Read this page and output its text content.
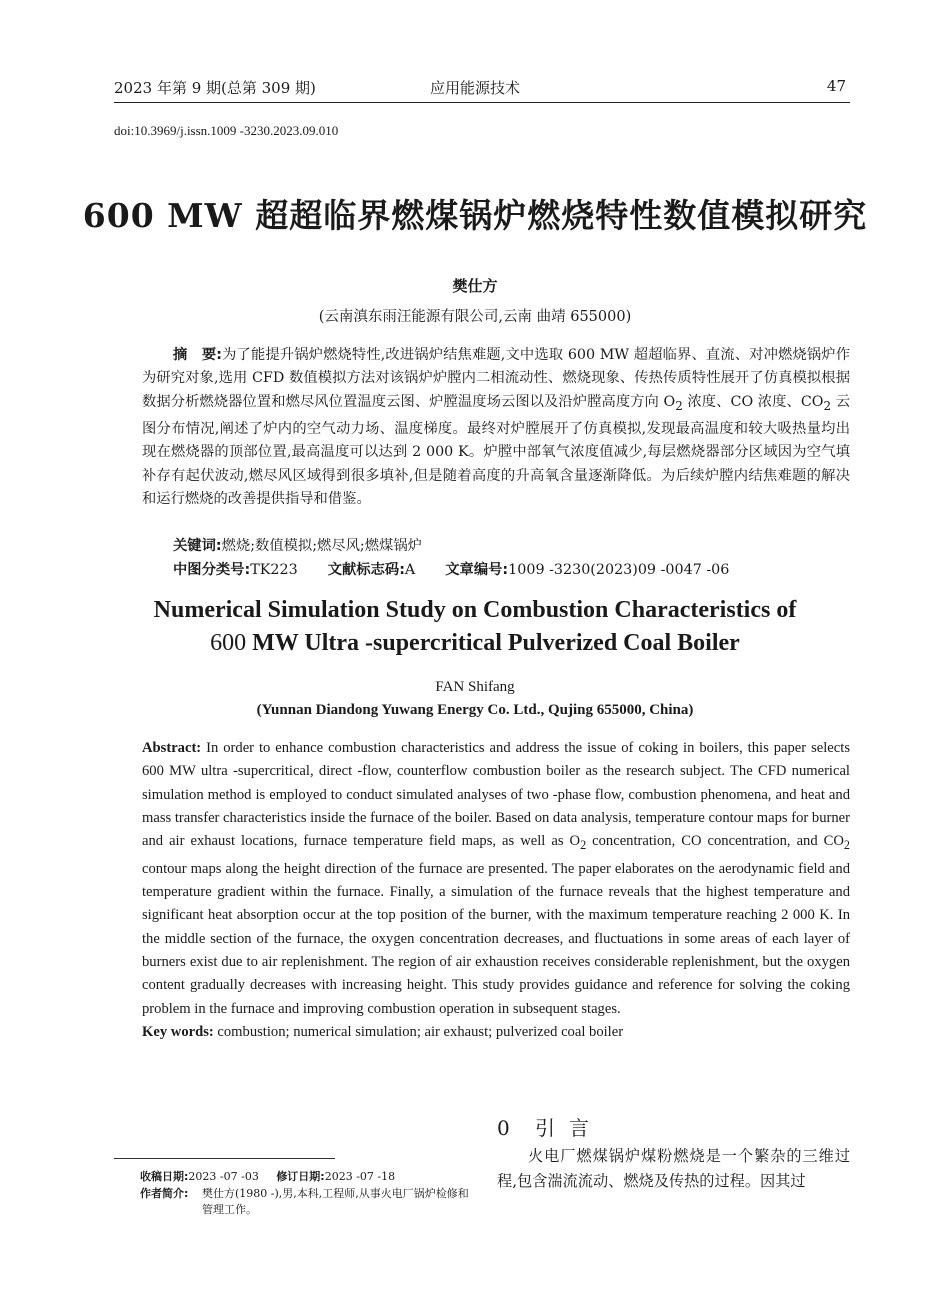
2023 年第 9 期(总第 309 期)	应用能源技术	47
doi:10.3969/j.issn.1009 -3230.2023.09.010
600 MW 超超临界燃煤锅炉燃烧特性数值模拟研究
樊仕方
(云南滇东雨汪能源有限公司,云南 曲靖 655000)

摘　要:为了能提升锅炉燃烧特性,改进锅炉结焦难题,文中选取 600 MW 超超临界、直流、对冲燃烧锅炉作为研究对象,选用 CFD 数值模拟方法对该锅炉炉膛内二相流动性、燃烧现象、传热传质特性展开了仿真模拟根据数据分析燃烧器位置和燃尽风位置温度云图、炉膛温度场云图以及沿炉膛高度方向 $O_2$ 浓度、CO 浓度、$CO_2$ 云图分布情况,阐述了炉内的空气动力场、温度梯度。最终对炉膛展开了仿真模拟,发现最高温度和较大吸热量均出现在燃烧器的顶部位置,最高温度可以达到 2 000 K。炉膛中部氧气浓度值减少,每层燃烧器部分区域因为空气填补存有起伏波动,燃尽风区域得到很多填补,但是随着高度的升高氧含量逐渐降低。为后续炉膛内结焦难题的解决和运行燃烧的改善提供指导和借鉴。

关键词:燃烧;数值模拟;燃尽风;燃煤锅炉
中图分类号:TK223 文献标志码:A 文章编号:1009 -3230(2023)09 -0047 -06
Numerical Simulation Study on Combustion Characteristics of
600 MW Ultra -supercritical Pulverized Coal Boiler
FAN Shifang
(Yunnan Diandong Yuwang Energy Co. Ltd., Qujing 655000, China)

Abstract: In order to enhance combustion characteristics and address the issue of coking in boilers, this paper selects 600 MW ultra -supercritical, direct -flow, counterflow combustion boiler as the research subject. The CFD numerical simulation method is employed to conduct simulated analyses of two -phase flow, combustion phenomena, and heat and mass transfer characteristics inside the furnace of the boiler. Based on data analysis, temperature contour maps for burner and air exhaust locations, furnace temperature field maps, as well as $O_2$ concentration, CO concentration, and $CO_2$ contour maps along the height direction of the furnace are presented. The paper elaborates on the aerodynamic field and temperature gradient within the furnace. Finally, a simulation of the furnace reveals that the highest temperature and significant heat absorption occur at the top position of the burner, with the maximum temperature reaching 2 000 K. In the middle section of the furnace, the oxygen concentration decreases, and fluctuations in some areas of each layer of burners exist due to air replenishment. The region of air exhaustion receives considerable replenishment, but the oxygen content gradually decreases with increasing height. This study provides guidance and reference for solving the coking problem in the furnace and improving combustion operation in subsequent stages.

Key words: combustion; numerical simulation; air exhaust; pulverized coal boiler

0 引言

火电厂燃煤锅炉煤粉燃烧是一个繁杂的三维过程,包含湍流流动、燃烧及传热的过程。因其过

收稿日期:2023 -07 -03 修订日期:2023 -07 -18
作者简介: 樊仕方(1980 -),男,本科,工程师,从事火电厂锅炉检修和管理工作。
